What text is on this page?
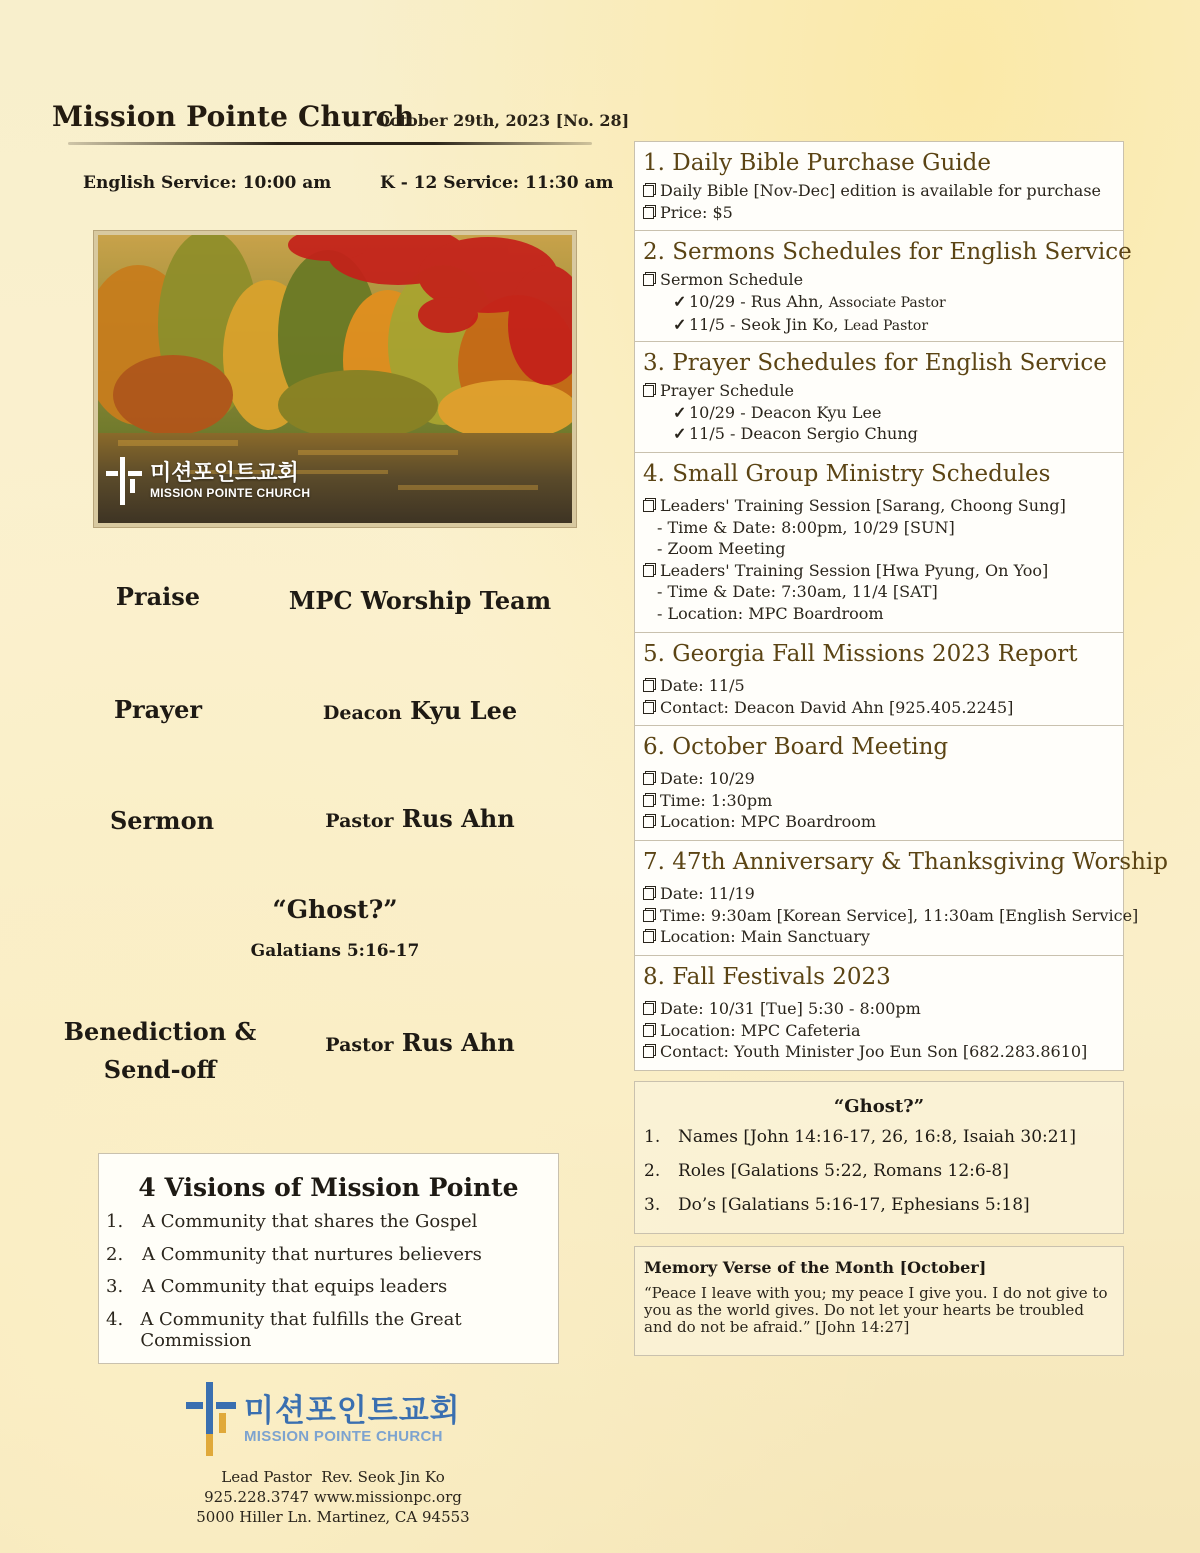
Mission Pointe Church
October 29th, 2023 [No. 28]
English Service: 10:00 am	K - 12 Service: 11:30 am
미션포인트교회
MISSION POINTE CHURCH
Praise	MPC Worship Team
Prayer	Deacon Kyu Lee
Sermon	Pastor Rus Ahn
“Ghost?”
Galatians 5:16-17
Benediction &
Send-off
Pastor Rus Ahn
4 Visions of Mission Pointe
1.	A Community that shares the Gospel
2.	A Community that nurtures believers
3.	A Community that equips leaders
4. A Community that fulfills the Great Commission
미션포인트교회
MISSION POINTE CHURCH
Lead Pastor  Rev. Seok Jin Ko
925.228.3747 www.missionpc.org
5000 Hiller Ln. Martinez, CA 94553
1. Daily Bible Purchase Guide
Daily Bible [Nov-Dec] edition is available for purchase
Price: $5
2. Sermons Schedules for English Service
Sermon Schedule
✓ 10/29 - Rus Ahn, Associate Pastor
✓ 11/5 - Seok Jin Ko, Lead Pastor
3. Prayer Schedules for English Service
Prayer Schedule
✓ 10/29 - Deacon Kyu Lee
✓ 11/5 - Deacon Sergio Chung
4. Small Group Ministry Schedules
Leaders' Training Session [Sarang, Choong Sung]
- Time & Date: 8:00pm, 10/29 [SUN]
- Zoom Meeting
Leaders' Training Session [Hwa Pyung, On Yoo]
- Time & Date: 7:30am, 11/4 [SAT]
- Location: MPC Boardroom
5. Georgia Fall Missions 2023 Report
Date: 11/5
Contact: Deacon David Ahn [925.405.2245]
6. October Board Meeting
Date: 10/29
Time: 1:30pm
Location: MPC Boardroom
7. 47th Anniversary & Thanksgiving Worship
Date: 11/19
Time: 9:30am [Korean Service], 11:30am [English Service]
Location: Main Sanctuary
8. Fall Festivals 2023
Date: 10/31 [Tue] 5:30 - 8:00pm
Location: MPC Cafeteria
Contact: Youth Minister Joo Eun Son [682.283.8610]
“Ghost?”
1.	Names [John 14:16-17, 26, 16:8, Isaiah 30:21]
2.	Roles [Galations 5:22, Romans 12:6-8]
3.	Do’s [Galatians 5:16-17, Ephesians 5:18]
Memory Verse of the Month [October]

“Peace I leave with you; my peace I give you. I do not give to you as the world gives. Do not let your hearts be troubled and do not be afraid.” [John 14:27]
